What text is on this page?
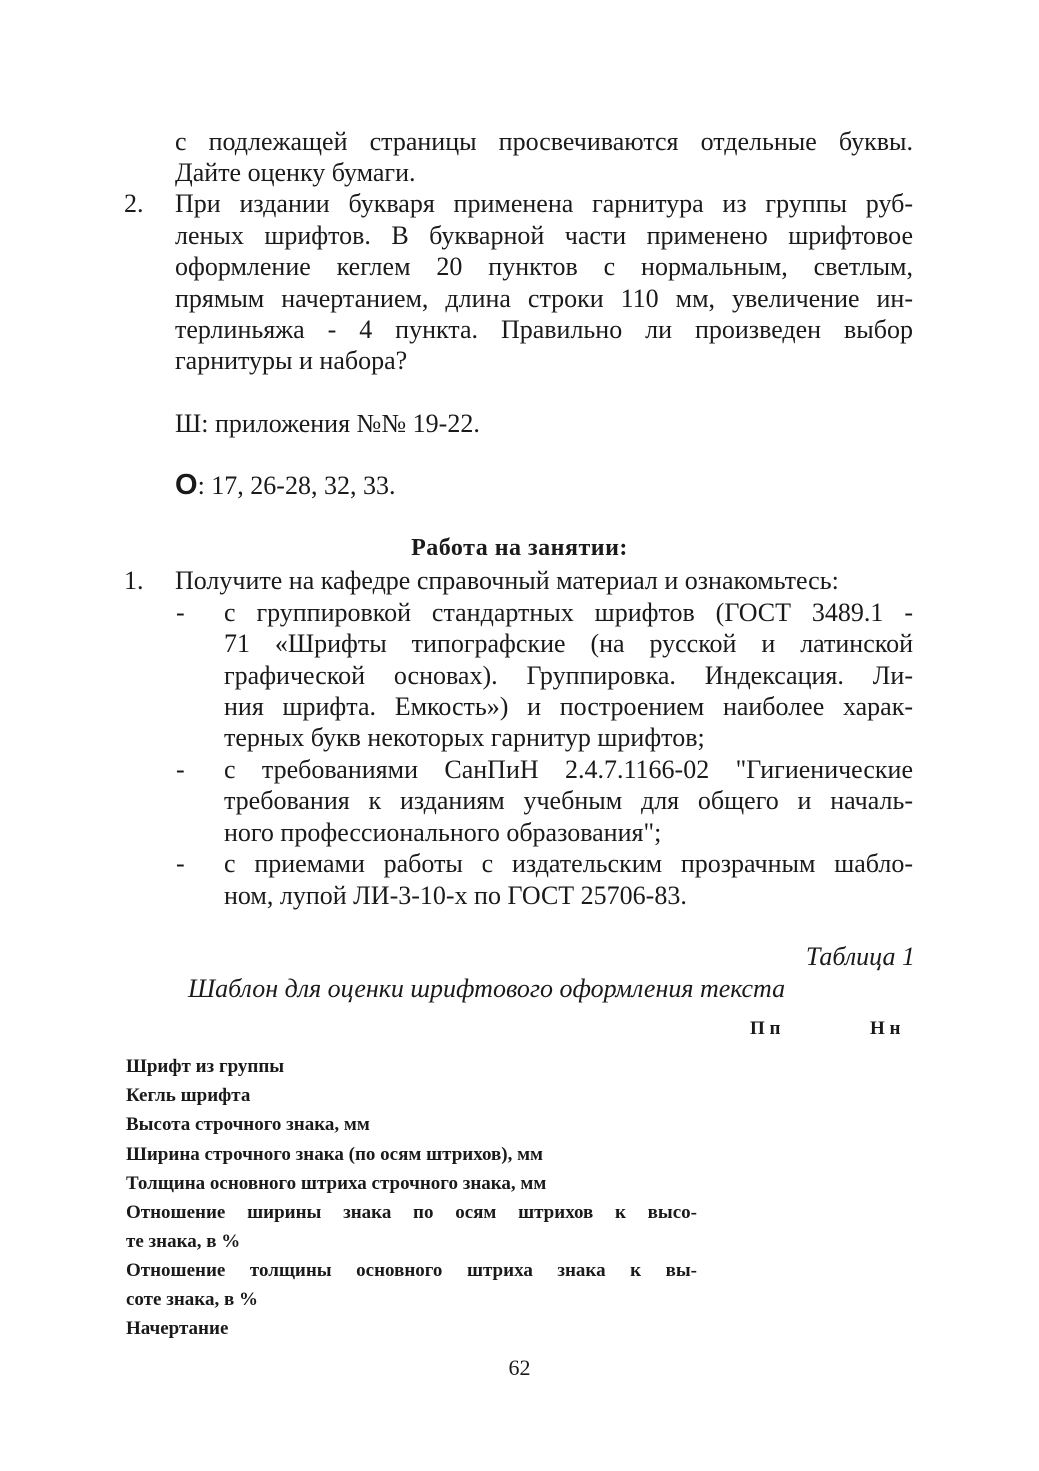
с подлежащей страницы просвечиваются отдельные буквы.
Дайте оценку бумаги.
2. При издании букваря применена гарнитура из группы руб-
леных шрифтов. В букварной части применено шрифтовое
оформление кеглем 20 пунктов с нормальным, светлым,
прямым начертанием, длина строки 110 мм, увеличение ин-
терлиньяжа - 4 пункта. Правильно ли произведен выбор
гарнитуры и набора?
Ш: приложения №№ 19-22.
О: 17, 26-28, 32, 33.
Работа на занятии:
1. Получите на кафедре справочный материал и ознакомьтесь:
- с группировкой стандартных шрифтов (ГОСТ 3489.1 -
71 «Шрифты типографские (на русской и латинской
графической основах). Группировка. Индексация. Ли-
ния шрифта. Емкость») и построением наиболее харак-
терных букв некоторых гарнитур шрифтов;
- с требованиями СанПиН 2.4.7.1166-02 "Гигиенические
требования к изданиям учебным для общего и началь-
ного профессионального образования";
- с приемами работы с издательским прозрачным шабло-
ном, лупой ЛИ-3-10-х по ГОСТ 25706-83.
Таблица 1
Шаблон для оценки шрифтового оформления текста
П п	Н н
Шрифт из группы
Кегль шрифта
Высота строчного знака, мм
Ширина строчного знака (по осям штрихов), мм
Толщина основного штриха строчного знака, мм
Отношение ширины знака по осям штрихов к высо-
те знака, в %
Отношение толщины основного штриха знака к вы-
соте знака, в %
Начертание
62
